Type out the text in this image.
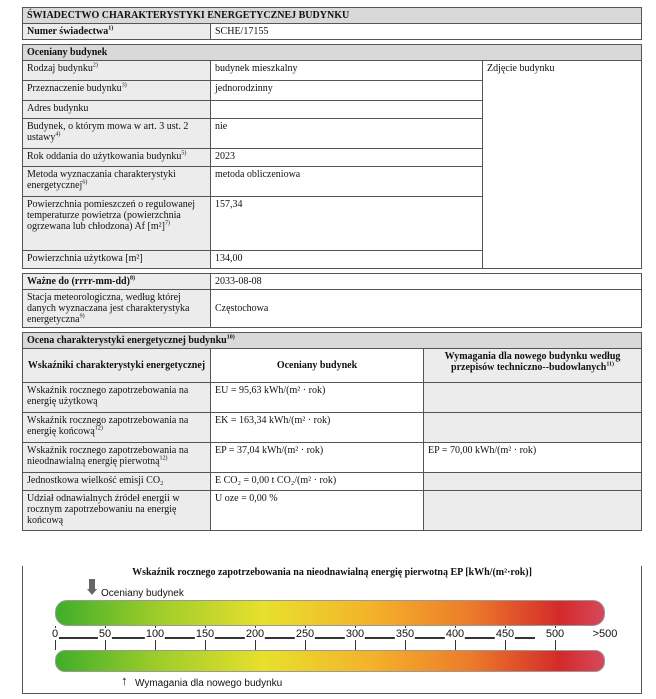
ŚWIADECTWO CHARAKTERYSTYKI ENERGETYCZNEJ BUDYNKU
Numer świadectwa$^{1)}$	SCHE/17155
Oceniany budynek		
Rodzaj budynku$^{2)}$	budynek mieszkalny	Zdjęcie budynku
Przeznaczenie budynku$^{3)}$	jednorodzinny	
Adres budynku		
Budynek, o którym mowa w art. 3 ust. 2 ustawy$^{4)}$	nie	
Rok oddania do użytkowania budynku$^{5)}$	2023	
Metoda wyznaczania charakterystyki energetycznej$^{6)}$	metoda obliczeniowa	
Powierzchnia pomieszczeń o regulowanej temperaturze powietrza (powierzchnia ogrzewana lub chłodzona) Af $[m^2]^{7)}$	157,34	
Powierzchnia użytkowa [m²]	134,00	
Ważne do (rrrr-mm-dd)$^{8)}$	2033-08-08
Stacja meteorologiczna, według której danych wyznaczana jest charakterystyka energetyczna$^{9)}$	Częstochowa
Ocena charakterystyki energetycznej budynku$^{10)}$
Wskaźniki charakterystyki energetycznej	Oceniany budynek	Wymagania dla nowego budynku według przepisów techniczno--budowlanych$^{11)}$
Wskaźnik rocznego zapotrzebowania na energię użytkową	EU = 95,63 kWh/(m² · rok)	
Wskaźnik rocznego zapotrzebowania na energię końcową$^{12)}$	EK = 163,34 kWh/(m² · rok)	
Wskaźnik rocznego zapotrzebowania na nieodnawialną energię pierwotną$^{12)}$	EP = 37,04 kWh/(m² · rok)	EP = 70,00 kWh/(m² · rok)
Jednostkowa wielkość emisji CO₂	E CO₂ = 0,00 t CO₂/(m² · rok)	
Udział odnawialnych źródeł energii w rocznym zapotrzebowaniu na energię końcową	U oze = 0,00 %	
Wskaźnik rocznego zapotrzebowania na nieodnawialną energię pierwotną EP [kWh/(m²·rok)]
Oceniany budynek
0	50	100	150	200	250	300	350	400	450	500	>500
↑ Wymagania dla nowego budynku
